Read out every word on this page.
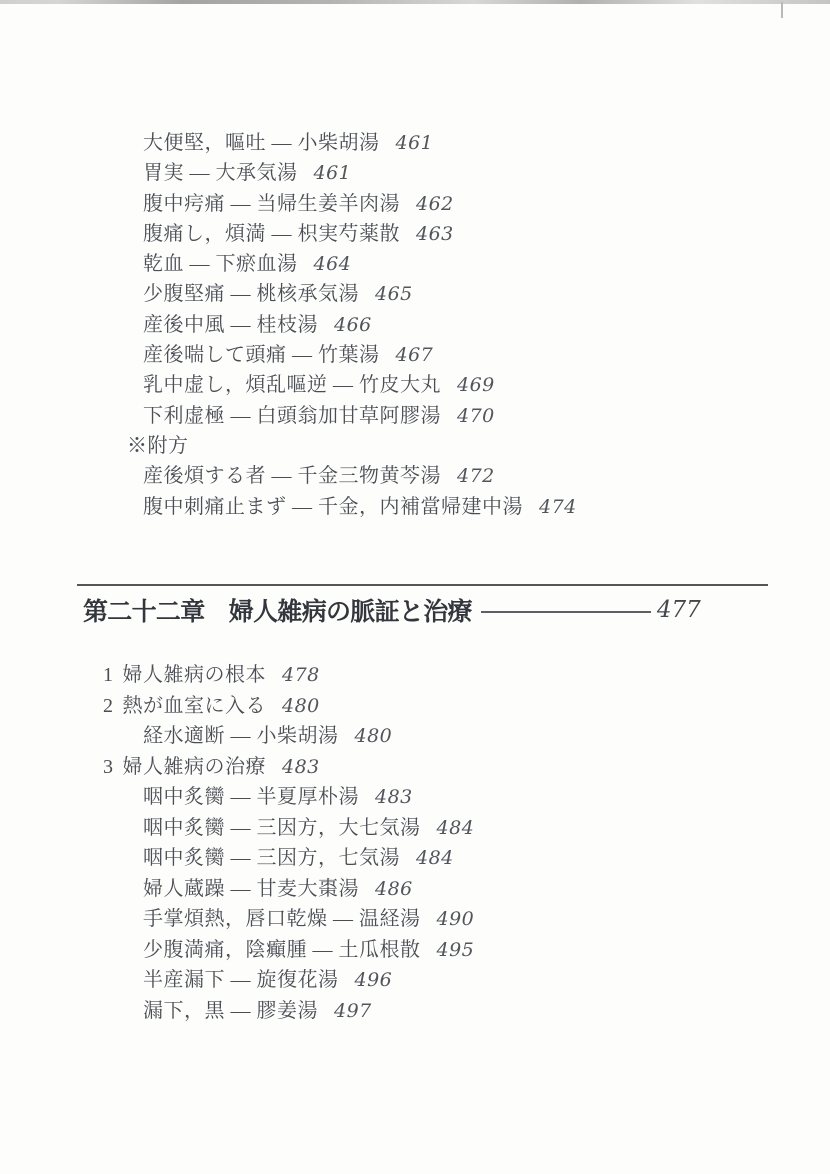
大便堅，嘔吐 — 小柴胡湯 461
胃実 — 大承気湯 461
腹中疞痛 — 当帰生姜羊肉湯 462
腹痛し，煩満 — 枳実芍薬散 463
乾血 — 下瘀血湯 464
少腹堅痛 — 桃核承気湯 465
産後中風 — 桂枝湯 466
産後喘して頭痛 — 竹葉湯 467
乳中虚し，煩乱嘔逆 — 竹皮大丸 469
下利虚極 — 白頭翁加甘草阿膠湯 470
※附方
産後煩する者 — 千金三物黄芩湯 472
腹中刺痛止まず — 千金，内補當帰建中湯 474
第二十二章　婦人雑病の脈証と治療	477
1 婦人雑病の根本 478
2 熱が血室に入る 480
経水適断 — 小柴胡湯 480
3 婦人雑病の治療 483
咽中炙臠 — 半夏厚朴湯 483
咽中炙臠 — 三因方，大七気湯 484
咽中炙臠 — 三因方，七気湯 484
婦人蔵躁 — 甘麦大棗湯 486
手掌煩熱，唇口乾燥 — 温経湯 490
少腹満痛，陰癲腫 — 土瓜根散 495
半産漏下 — 旋復花湯 496
漏下，黒 — 膠姜湯 497
